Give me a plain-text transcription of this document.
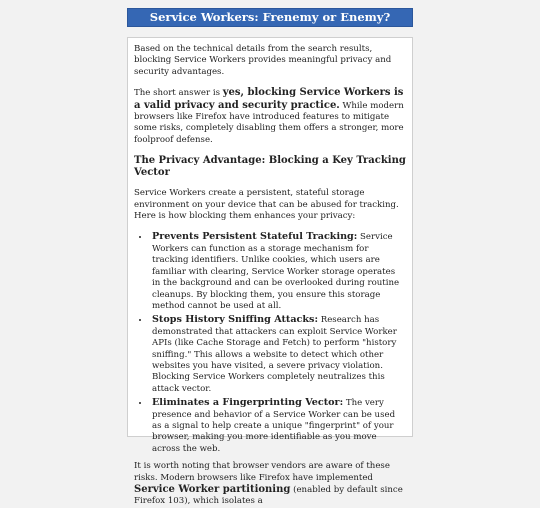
Service Workers: Frenemy or Enemy?

Based on the technical details from the search results, blocking Service Workers provides meaningful privacy and security advantages.

The short answer is yes, blocking Service Workers is a valid privacy and security practice. While modern browsers like Firefox have introduced features to mitigate some risks, completely disabling them offers a stronger, more foolproof defense.

The Privacy Advantage: Blocking a Key Tracking Vector

Service Workers create a persistent, stateful storage environment on your device that can be abused for tracking. Here is how blocking them enhances your privacy:

• Prevents Persistent Stateful Tracking: Service Workers can function as a storage mechanism for tracking identifiers. Unlike cookies, which users are familiar with clearing, Service Worker storage operates in the background and can be overlooked during routine cleanups. By blocking them, you ensure this storage method cannot be used at all.
• Stops History Sniffing Attacks: Research has demonstrated that attackers can exploit Service Worker APIs (like Cache Storage and Fetch) to perform "history sniffing." This allows a website to detect which other websites you have visited, a severe privacy violation. Blocking Service Workers completely neutralizes this attack vector.
• Eliminates a Fingerprinting Vector: The very presence and behavior of a Service Worker can be used as a signal to help create a unique "fingerprint" of your browser, making you more identifiable as you move across the web.

It is worth noting that browser vendors are aware of these risks. Modern browsers like Firefox have implemented Service Worker partitioning (enabled by default since Firefox 103), which isolates a
